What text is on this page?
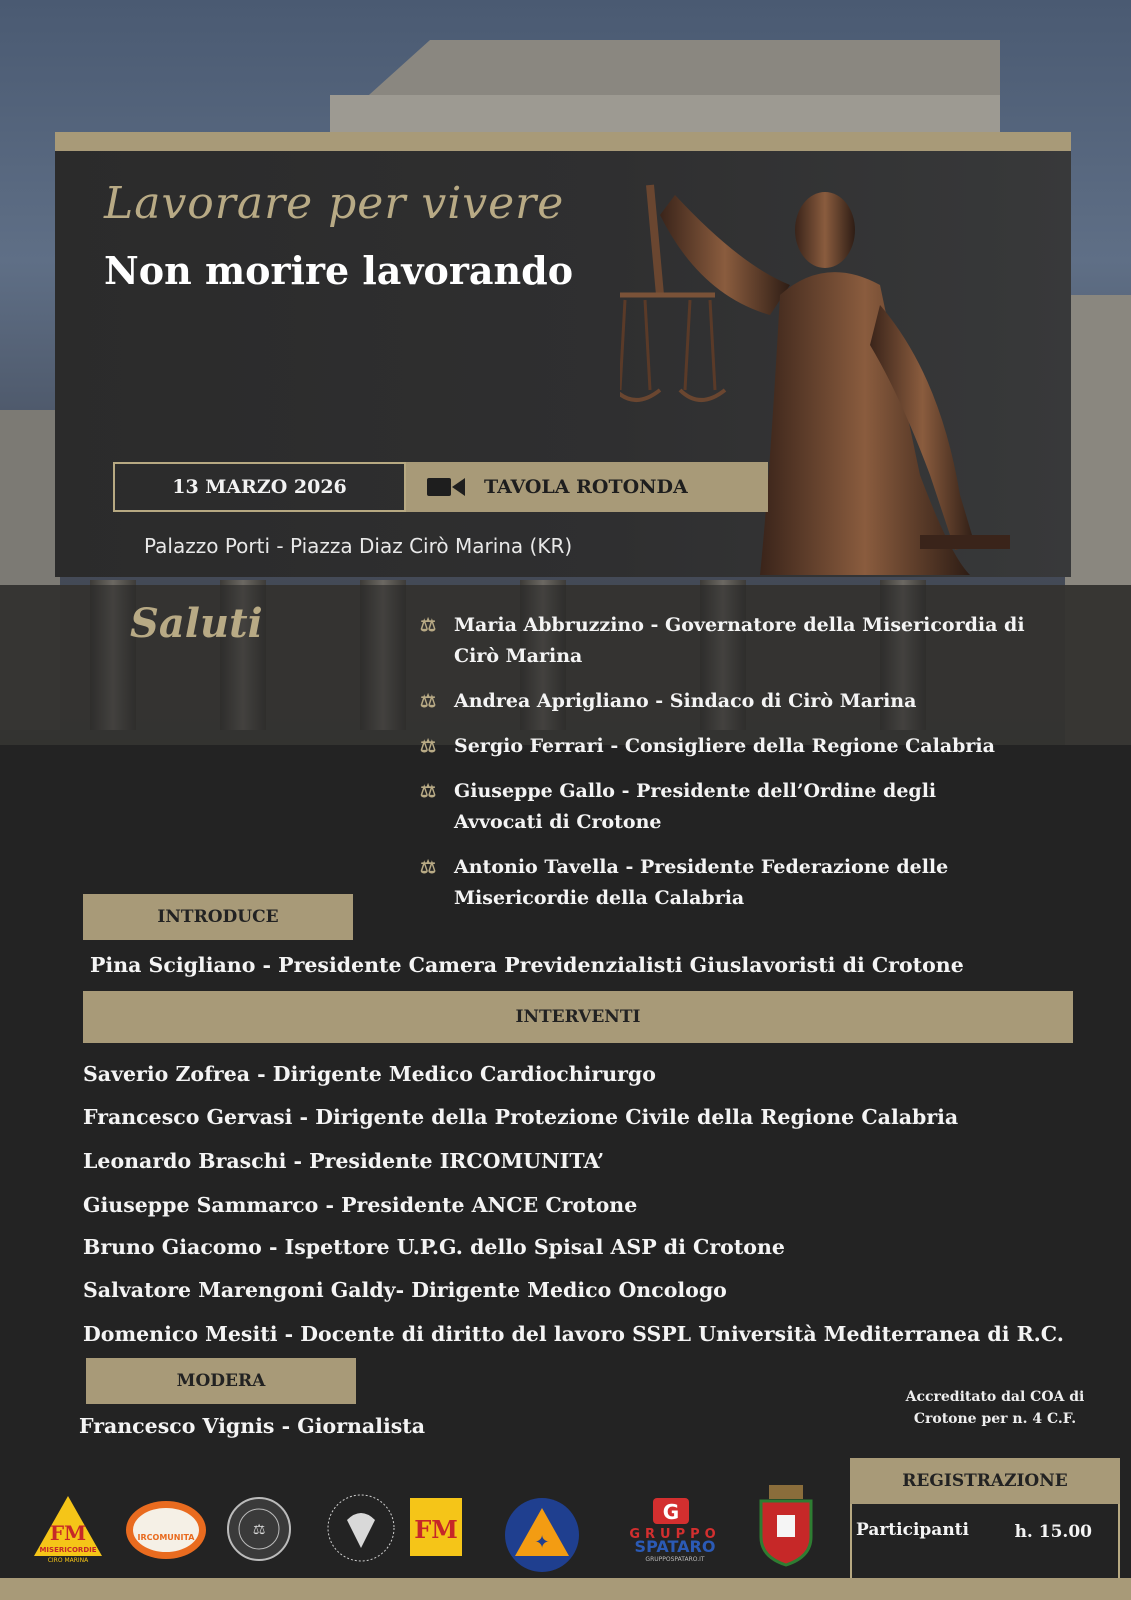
Lavorare per vivere
Non morire lavorando
13 MARZO 2026	TAVOLA ROTONDA
Palazzo Porti - Piazza Diaz Cirò Marina (KR)
Saluti	⚖ Maria Abbruzzino - Governatore della Misericordia di
Cirò Marina
⚖ Andrea Aprigliano - Sindaco di Cirò Marina
⚖ Sergio Ferrari - Consigliere della Regione Calabria
⚖ Giuseppe Gallo - Presidente dell’Ordine degli
Avvocati di Crotone
⚖ Antonio Tavella - Presidente Federazione delle
Misericordie della Calabria
INTRODUCE
Pina Scigliano - Presidente Camera Previdenzialisti Giuslavoristi di Crotone
INTERVENTI
Saverio Zofrea - Dirigente Medico Cardiochirurgo
Francesco Gervasi - Dirigente della Protezione Civile della Regione Calabria
Leonardo Braschi - Presidente IRCOMUNITA’
Giuseppe Sammarco - Presidente ANCE Crotone
Bruno Giacomo - Ispettore U.P.G. dello Spisal ASP di Crotone
Salvatore Marengoni Galdy- Dirigente Medico Oncologo
Domenico Mesiti - Docente di diritto del lavoro SSPL Università Mediterranea di R.C.
MODERA
Francesco Vignis - Giornalista
Accreditato dal COA di
Crotone per n. 4 C.F.
REGISTRAZIONE
Participanti	h. 15.00
FM
MISERICORDIE
CIRO MARINA
IRCOMUNITA	⚖	FM	✦
G
GRUPPO
SPATARO
GRUPPOSPATARO.IT
